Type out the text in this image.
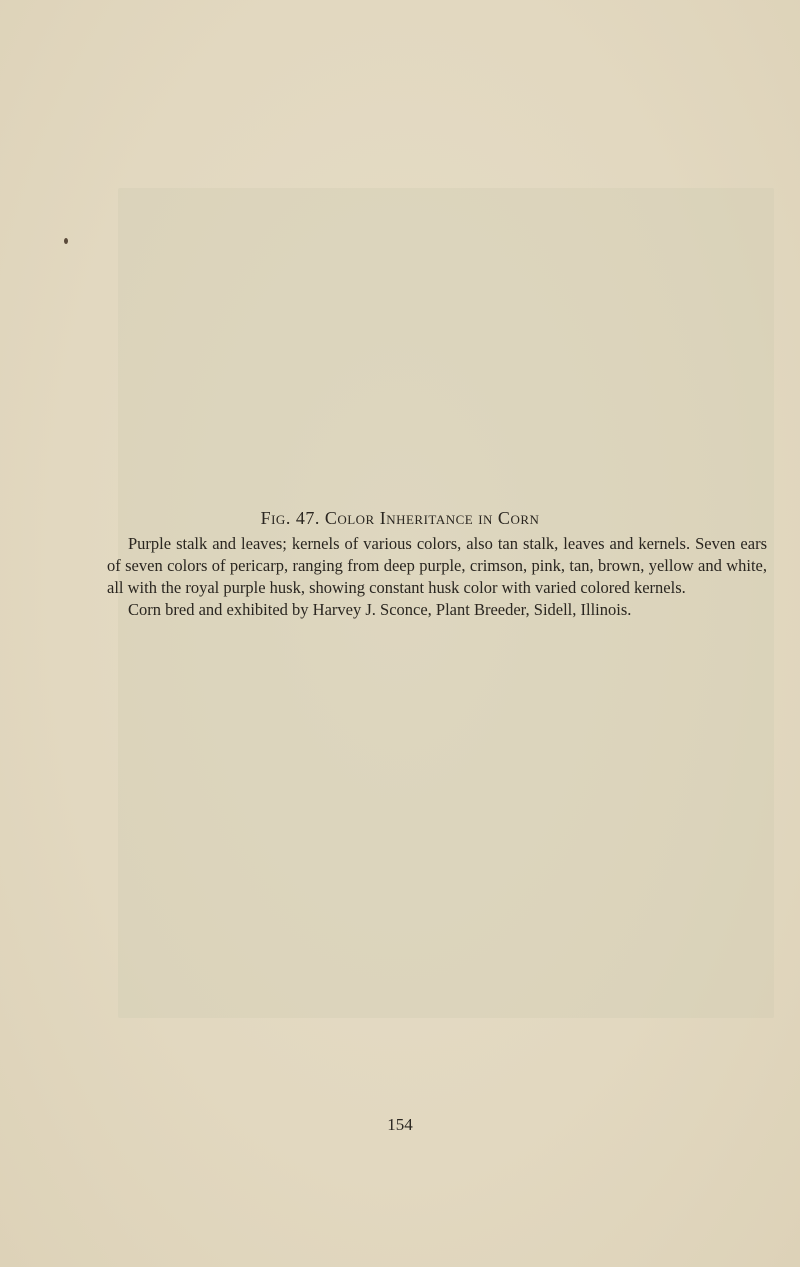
Fig. 47. Color Inheritance in Corn

Purple stalk and leaves; kernels of various colors, also tan stalk, leaves and kernels. Seven ears of seven colors of pericarp, ranging from deep purple, crimson, pink, tan, brown, yellow and white, all with the royal purple husk, showing constant husk color with varied colored kernels.

Corn bred and exhibited by Harvey J. Sconce, Plant Breeder, Sidell, Illinois.

154
